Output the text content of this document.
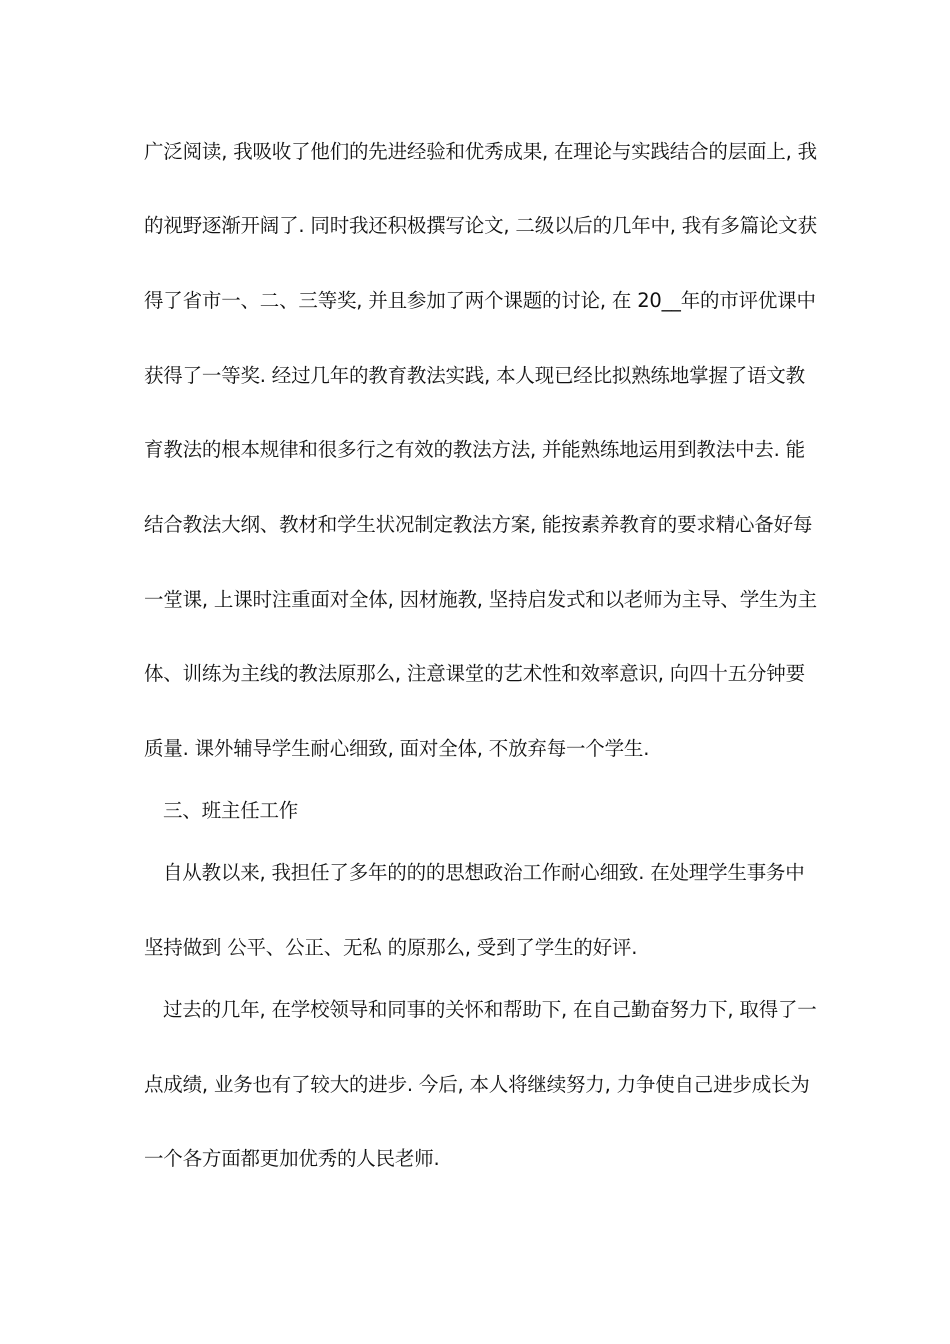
广泛阅读, 我吸收了他们的先进经验和优秀成果, 在理论与实践结合的层面上, 我
的视野逐渐开阔了. 同时我还积极撰写论文, 二级以后的几年中, 我有多篇论文获
得了省市一、二、三等奖, 并且参加了两个课题的讨论, 在 20__年的市评优课中
获得了一等奖. 经过几年的教育教法实践, 本人现已经比拟熟练地掌握了语文教
育教法的根本规律和很多行之有效的教法方法, 并能熟练地运用到教法中去. 能
结合教法大纲、教材和学生状况制定教法方案, 能按素养教育的要求精心备好每
一堂课, 上课时注重面对全体, 因材施教, 坚持启发式和以老师为主导、学生为主
体、训练为主线的教法原那么, 注意课堂的艺术性和效率意识, 向四十五分钟要
质量. 课外辅导学生耐心细致, 面对全体, 不放弃每一个学生.
三、班主任工作
自从教以来, 我担任了多年的的的思想政治工作耐心细致. 在处理学生事务中
坚持做到 公平、公正、无私 的原那么, 受到了学生的好评.
过去的几年, 在学校领导和同事的关怀和帮助下, 在自己勤奋努力下, 取得了一
点成绩, 业务也有了较大的进步. 今后, 本人将继续努力, 力争使自己进步成长为
一个各方面都更加优秀的人民老师.
